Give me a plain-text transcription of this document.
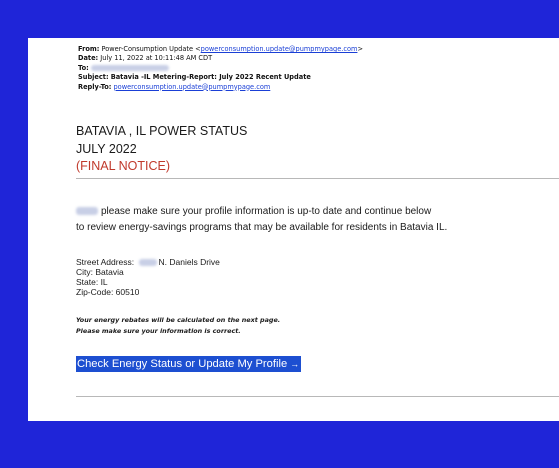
From: Power-Consumption Update <powerconsumption.update@pumpmypage.com>
Date: July 11, 2022 at 10:11:48 AM CDT
To:
Subject: Batavia -IL Metering-Report: July 2022 Recent Update
Reply-To: powerconsumption.update@pumpmypage.com
BATAVIA , IL POWER STATUS
JULY 2022
(FINAL NOTICE)
please make sure your profile information is up-to date and continue below
to review energy-savings programs that may be available for residents in Batavia IL.
Street Address:	N. Daniels Drive
City: Batavia
State: IL
Zip-Code: 60510
Your energy rebates will be calculated on the next page.
Please make sure your information is correct.
Check Energy Status or Update My Profile →
